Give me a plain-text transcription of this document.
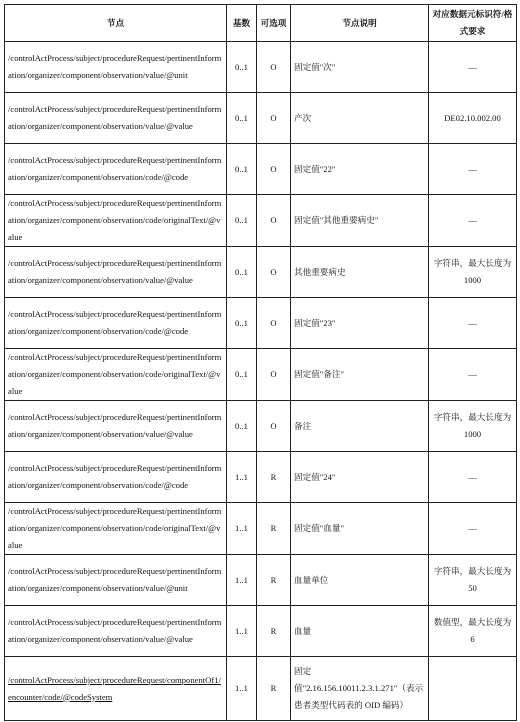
节点	基数	可选项	节点说明	对应数据元标识符/格式要求
/controlActProcess/subject/procedureRequest/pertinentInformation/organizer/component/observation/value/@unit	0..1	O	固定值"次"	—
/controlActProcess/subject/procedureRequest/pertinentInformation/organizer/component/observation/value/@value	0..1	O	产次	DE02.10.002.00
/controlActProcess/subject/procedureRequest/pertinentInformation/organizer/component/observation/code/@code	0..1	O	固定值"22"	—
/controlActProcess/subject/procedureRequest/pertinentInformation/organizer/component/observation/code/originalText/@value	0..1	O	固定值"其他重要病史"	—
/controlActProcess/subject/procedureRequest/pertinentInformation/organizer/component/observation/value/@value	0..1	O	其他重要病史	字符串，最大长度为 1000
/controlActProcess/subject/procedureRequest/pertinentInformation/organizer/component/observation/code/@code	0..1	O	固定值"23"	—
/controlActProcess/subject/procedureRequest/pertinentInformation/organizer/component/observation/code/originalText/@value	0..1	O	固定值"备注"	—
/controlActProcess/subject/procedureRequest/pertinentInformation/organizer/component/observation/value/@value	0..1	O	备注	字符串，最大长度为 1000
/controlActProcess/subject/procedureRequest/pertinentInformation/organizer/component/observation/code/@code	1..1	R	固定值"24"	—
/controlActProcess/subject/procedureRequest/pertinentInformation/organizer/component/observation/code/originalText/@value	1..1	R	固定值"血量"	—
/controlActProcess/subject/procedureRequest/pertinentInformation/organizer/component/observation/value/@unit	1..1	R	血量单位	字符串，最大长度为 50
/controlActProcess/subject/procedureRequest/pertinentInformation/organizer/component/observation/value/@value	1..1	R	血量	数值型，最大长度为 6
/controlActProcess/subject/procedureRequest/componentOf1/encounter/code/@codeSystem	1..1	R	固定值"2.16.156.10011.2.3.1.271"（表示患者类型代码表的 OID 编码）	
